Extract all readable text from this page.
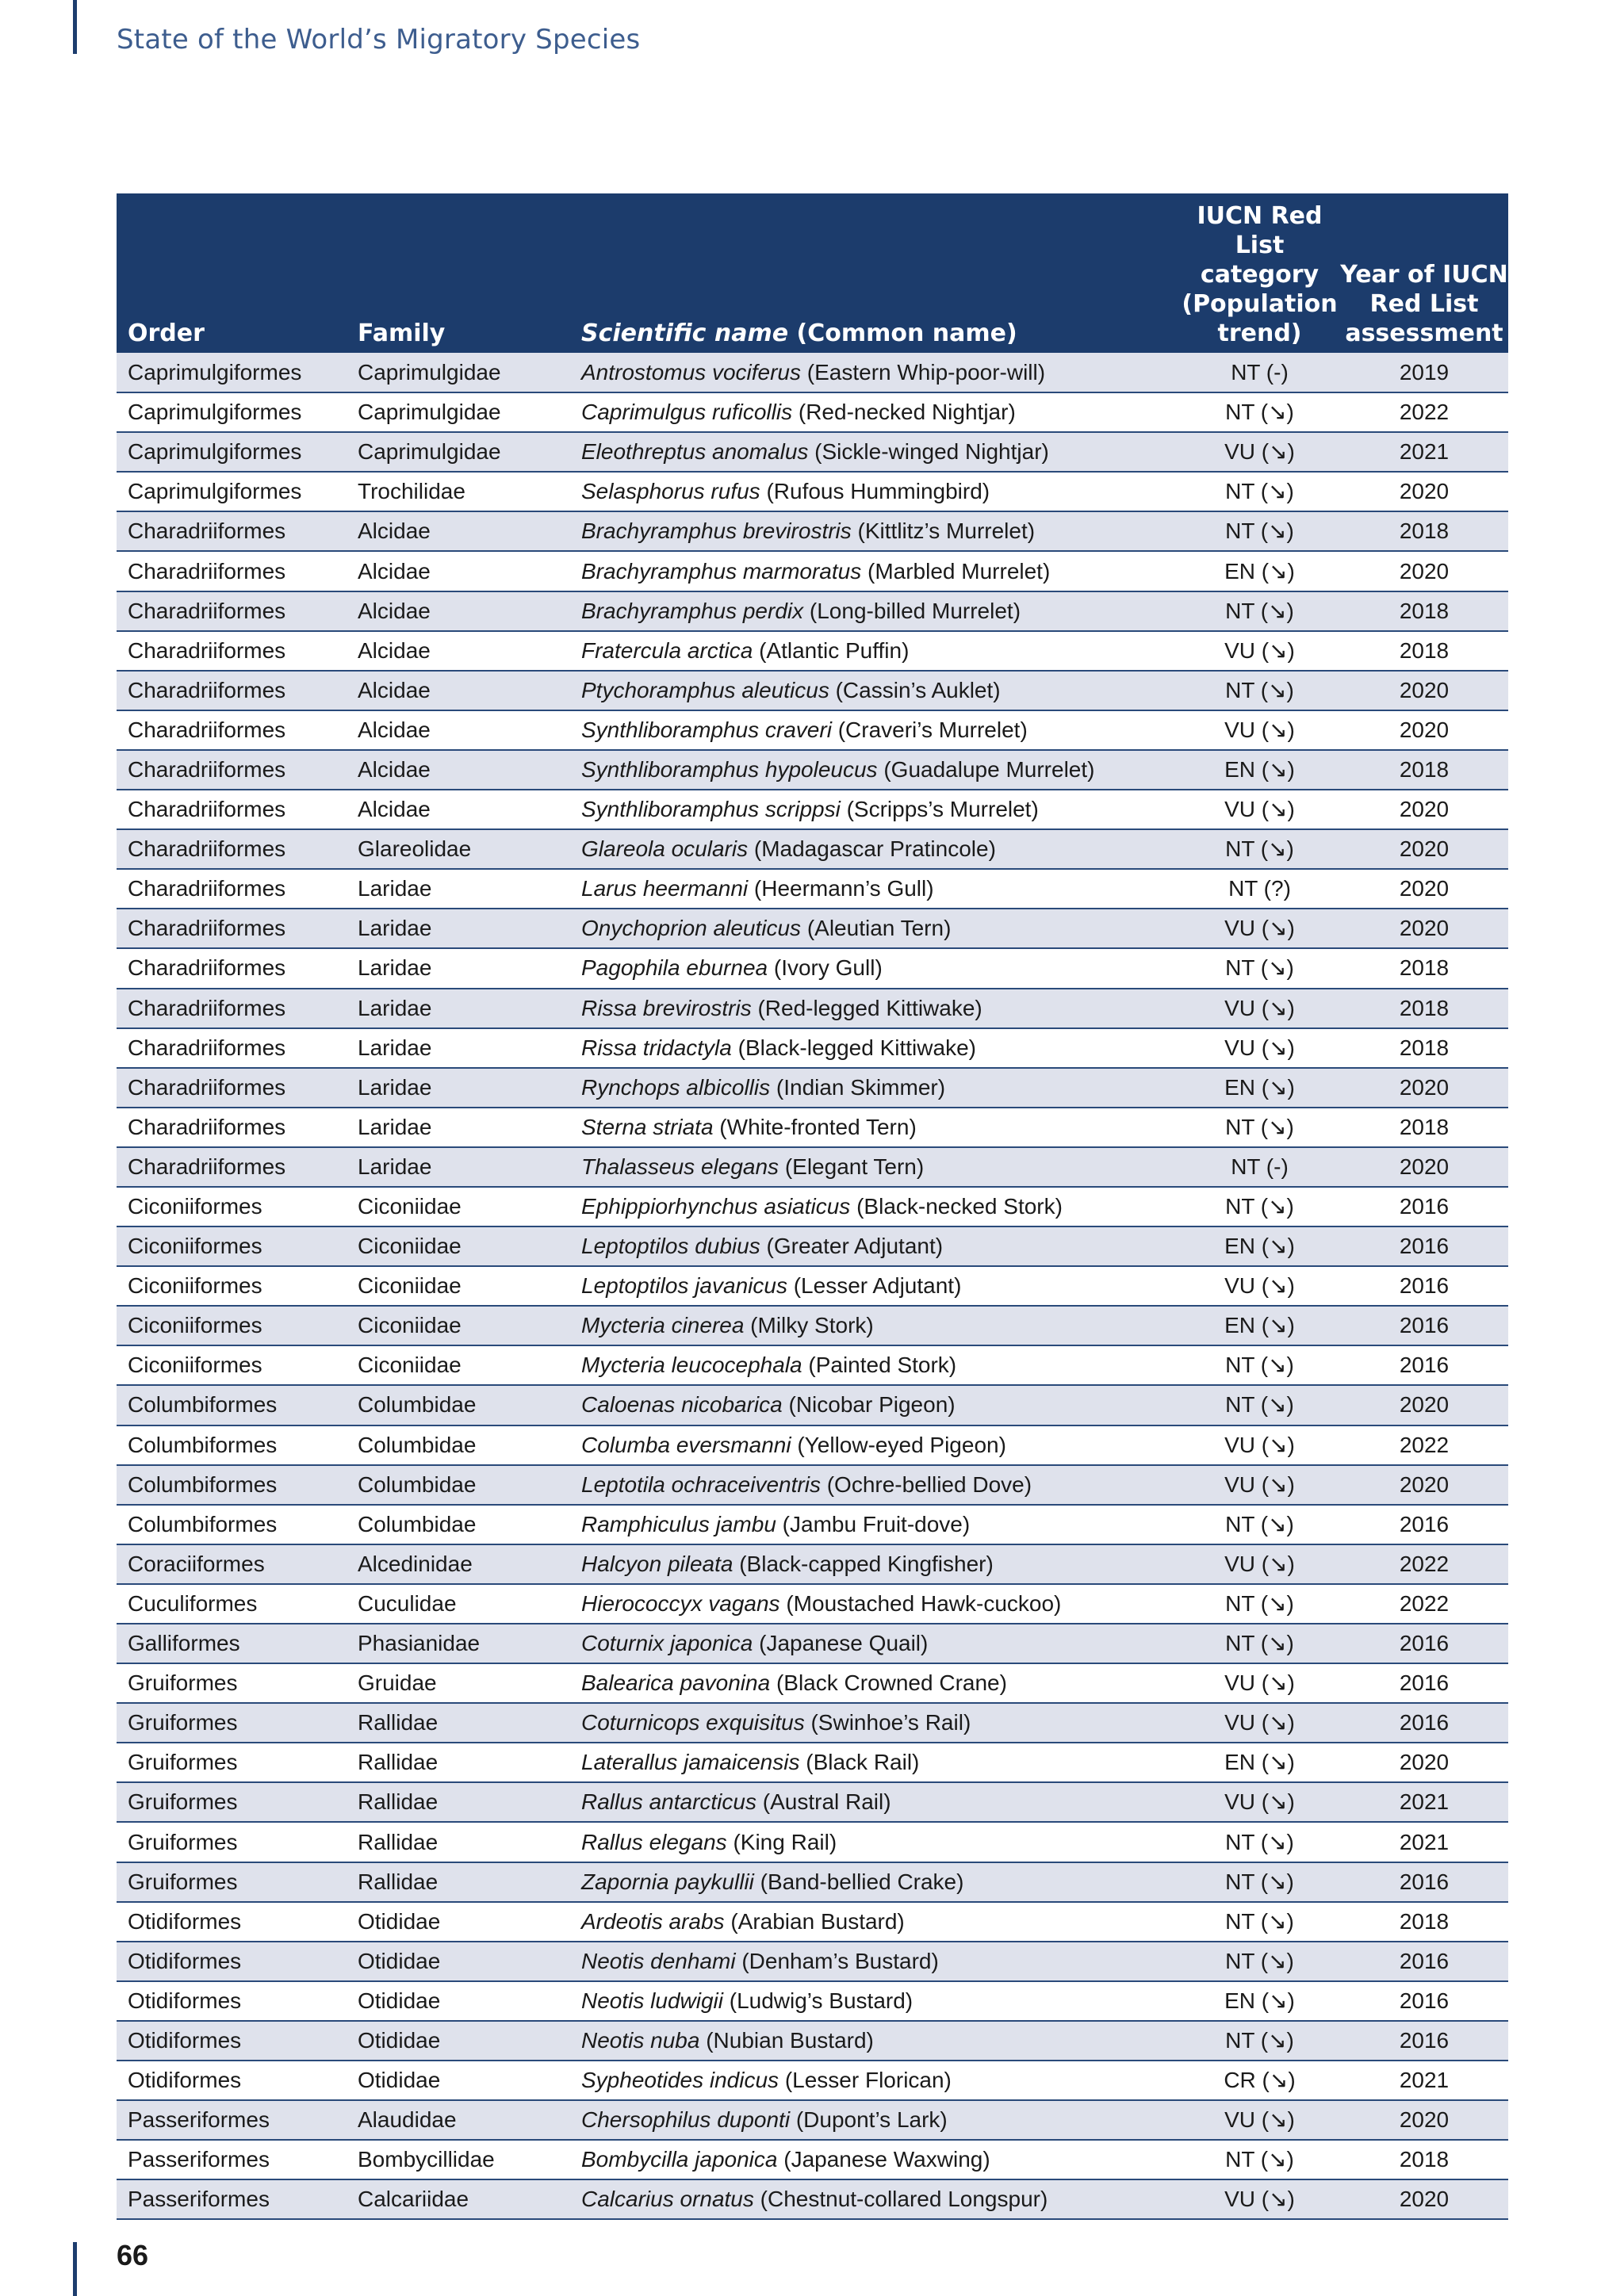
State of the World’s Migratory Species
Order	Family	Scientific name (Common name)	IUCN Red
List category
(Population
trend)	Year of IUCN
Red List
assessment
Caprimulgiformes	Caprimulgidae	Antrostomus vociferus (Eastern Whip-poor-will)	NT (-)	2019
Caprimulgiformes	Caprimulgidae	Caprimulgus ruficollis (Red-necked Nightjar)	NT (↘)	2022
Caprimulgiformes	Caprimulgidae	Eleothreptus anomalus (Sickle-winged Nightjar)	VU (↘)	2021
Caprimulgiformes	Trochilidae	Selasphorus rufus (Rufous Hummingbird)	NT (↘)	2020
Charadriiformes	Alcidae	Brachyramphus brevirostris (Kittlitz’s Murrelet)	NT (↘)	2018
Charadriiformes	Alcidae	Brachyramphus marmoratus (Marbled Murrelet)	EN (↘)	2020
Charadriiformes	Alcidae	Brachyramphus perdix (Long-billed Murrelet)	NT (↘)	2018
Charadriiformes	Alcidae	Fratercula arctica (Atlantic Puffin)	VU (↘)	2018
Charadriiformes	Alcidae	Ptychoramphus aleuticus (Cassin’s Auklet)	NT (↘)	2020
Charadriiformes	Alcidae	Synthliboramphus craveri (Craveri’s Murrelet)	VU (↘)	2020
Charadriiformes	Alcidae	Synthliboramphus hypoleucus (Guadalupe Murrelet)	EN (↘)	2018
Charadriiformes	Alcidae	Synthliboramphus scrippsi (Scripps’s Murrelet)	VU (↘)	2020
Charadriiformes	Glareolidae	Glareola ocularis (Madagascar Pratincole)	NT (↘)	2020
Charadriiformes	Laridae	Larus heermanni (Heermann’s Gull)	NT (?)	2020
Charadriiformes	Laridae	Onychoprion aleuticus (Aleutian Tern)	VU (↘)	2020
Charadriiformes	Laridae	Pagophila eburnea (Ivory Gull)	NT (↘)	2018
Charadriiformes	Laridae	Rissa brevirostris (Red-legged Kittiwake)	VU (↘)	2018
Charadriiformes	Laridae	Rissa tridactyla (Black-legged Kittiwake)	VU (↘)	2018
Charadriiformes	Laridae	Rynchops albicollis (Indian Skimmer)	EN (↘)	2020
Charadriiformes	Laridae	Sterna striata (White-fronted Tern)	NT (↘)	2018
Charadriiformes	Laridae	Thalasseus elegans (Elegant Tern)	NT (-)	2020
Ciconiiformes	Ciconiidae	Ephippiorhynchus asiaticus (Black-necked Stork)	NT (↘)	2016
Ciconiiformes	Ciconiidae	Leptoptilos dubius (Greater Adjutant)	EN (↘)	2016
Ciconiiformes	Ciconiidae	Leptoptilos javanicus (Lesser Adjutant)	VU (↘)	2016
Ciconiiformes	Ciconiidae	Mycteria cinerea (Milky Stork)	EN (↘)	2016
Ciconiiformes	Ciconiidae	Mycteria leucocephala (Painted Stork)	NT (↘)	2016
Columbiformes	Columbidae	Caloenas nicobarica (Nicobar Pigeon)	NT (↘)	2020
Columbiformes	Columbidae	Columba eversmanni (Yellow-eyed Pigeon)	VU (↘)	2022
Columbiformes	Columbidae	Leptotila ochraceiventris (Ochre-bellied Dove)	VU (↘)	2020
Columbiformes	Columbidae	Ramphiculus jambu (Jambu Fruit-dove)	NT (↘)	2016
Coraciiformes	Alcedinidae	Halcyon pileata (Black-capped Kingfisher)	VU (↘)	2022
Cuculiformes	Cuculidae	Hierococcyx vagans (Moustached Hawk-cuckoo)	NT (↘)	2022
Galliformes	Phasianidae	Coturnix japonica (Japanese Quail)	NT (↘)	2016
Gruiformes	Gruidae	Balearica pavonina (Black Crowned Crane)	VU (↘)	2016
Gruiformes	Rallidae	Coturnicops exquisitus (Swinhoe’s Rail)	VU (↘)	2016
Gruiformes	Rallidae	Laterallus jamaicensis (Black Rail)	EN (↘)	2020
Gruiformes	Rallidae	Rallus antarcticus (Austral Rail)	VU (↘)	2021
Gruiformes	Rallidae	Rallus elegans (King Rail)	NT (↘)	2021
Gruiformes	Rallidae	Zapornia paykullii (Band-bellied Crake)	NT (↘)	2016
Otidiformes	Otididae	Ardeotis arabs (Arabian Bustard)	NT (↘)	2018
Otidiformes	Otididae	Neotis denhami (Denham’s Bustard)	NT (↘)	2016
Otidiformes	Otididae	Neotis ludwigii (Ludwig’s Bustard)	EN (↘)	2016
Otidiformes	Otididae	Neotis nuba (Nubian Bustard)	NT (↘)	2016
Otidiformes	Otididae	Sypheotides indicus (Lesser Florican)	CR (↘)	2021
Passeriformes	Alaudidae	Chersophilus duponti (Dupont’s Lark)	VU (↘)	2020
Passeriformes	Bombycillidae	Bombycilla japonica (Japanese Waxwing)	NT (↘)	2018
Passeriformes	Calcariidae	Calcarius ornatus (Chestnut-collared Longspur)	VU (↘)	2020
66
